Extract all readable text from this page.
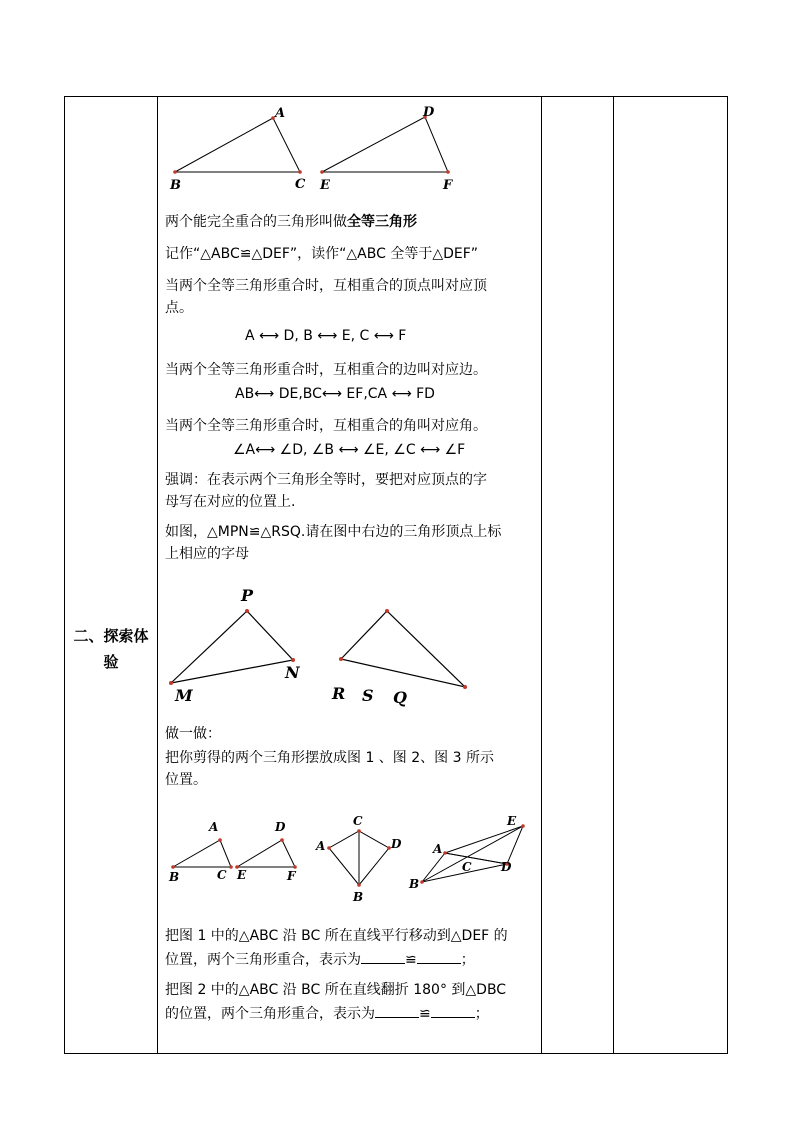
二、探索体
验
A
B	C
D
E	F
两个能完全重合的三角形叫做全等三角形
记作“△ABC≌△DEF”，读作“△ABC 全等于△DEF”
当两个全等三角形重合时，互相重合的顶点叫对应顶
点。
A ⟷ D, B ⟷ E, C ⟷ F
当两个全等三角形重合时，互相重合的边叫对应边。
AB⟷ DE,BC⟷ EF,CA ⟷ FD
当两个全等三角形重合时，互相重合的角叫对应角。
∠A⟷ ∠D, ∠B ⟷ ∠E, ∠C ⟷ ∠F
强调：在表示两个三角形全等时，要把对应顶点的字
母写在对应的位置上.
如图，△MPN≌△RSQ.请在图中右边的三角形顶点上标
上相应的字母
P
M
N
R S Q
做一做：
把你剪得的两个三角形摆放成图 1 、图 2、图 3 所示
位置。
A
B	C
D
E	F
A
B
C
D	A
B
C D
E
把图 1 中的△ABC 沿 BC 所在直线平行移动到△DEF 的
位置，两个三角形重合，表示为	≌	；
把图 2 中的△ABC 沿 BC 所在直线翻折 180° 到△DBC
的位置，两个三角形重合，表示为	≌	；
